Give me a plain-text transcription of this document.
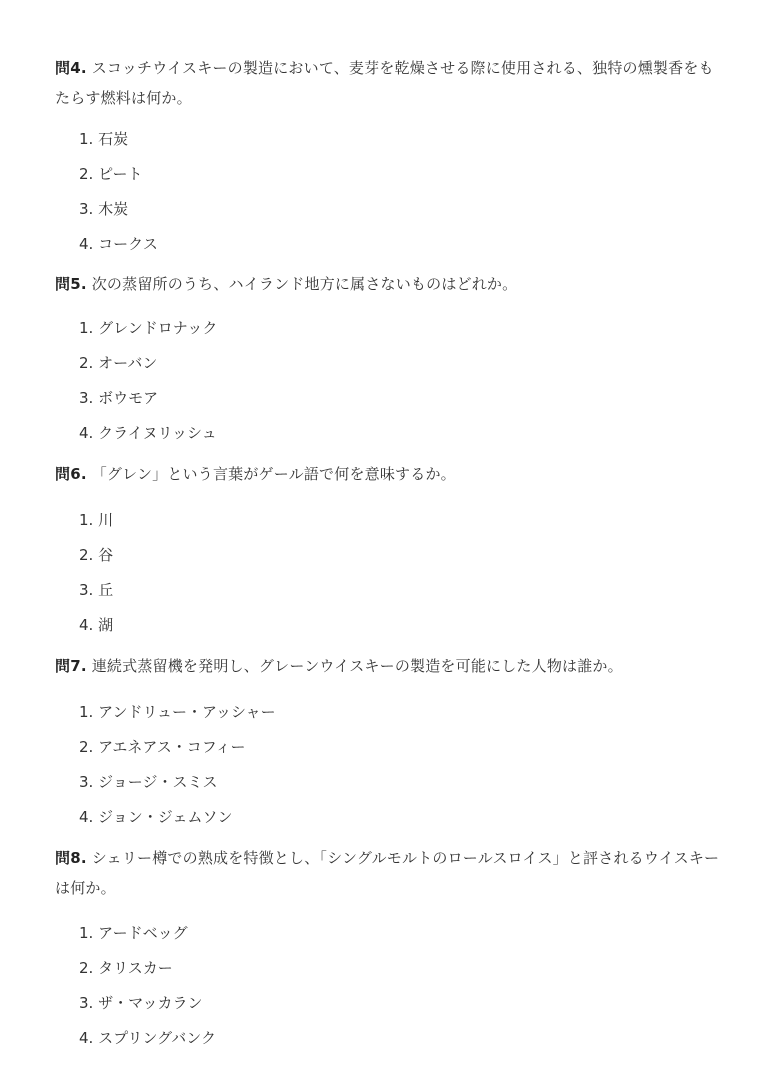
問4. スコッチウイスキーの製造において、麦芽を乾燥させる際に使用される、独特の燻製香をもたらす燃料は何か。

1. 石炭
2. ピート
3. 木炭
4. コークス

問5. 次の蒸留所のうち、ハイランド地方に属さないものはどれか。

1. グレンドロナック
2. オーバン
3. ボウモア
4. クライヌリッシュ

問6. 「グレン」という言葉がゲール語で何を意味するか。

1. 川
2. 谷
3. 丘
4. 湖

問7. 連続式蒸留機を発明し、グレーンウイスキーの製造を可能にした人物は誰か。

1. アンドリュー・アッシャー
2. アエネアス・コフィー
3. ジョージ・スミス
4. ジョン・ジェムソン

問8. シェリー樽での熟成を特徴とし、「シングルモルトのロールスロイス」と評されるウイスキーは何か。

1. アードベッグ
2. タリスカー
3. ザ・マッカラン
4. スプリングバンク
